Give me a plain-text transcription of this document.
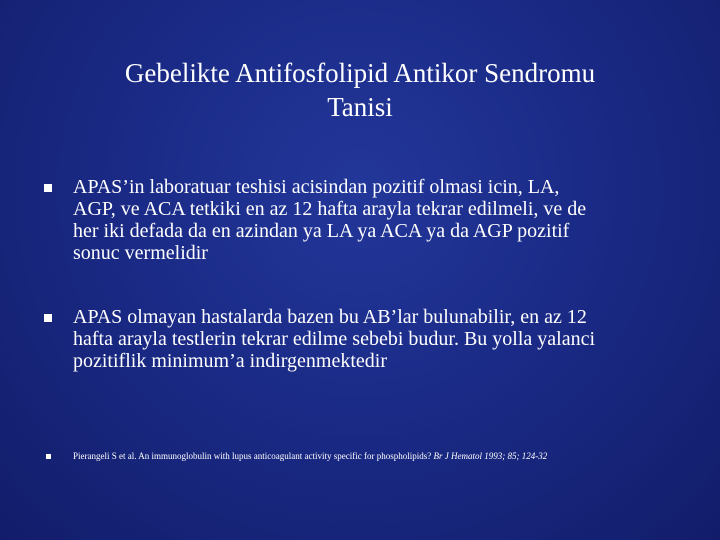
Gebelikte Antifosfolipid Antikor Sendromu
Tanisi
APAS’in laboratuar teshisi acisindan pozitif olmasi icin, LA,
AGP, ve ACA tetkiki en az 12 hafta arayla tekrar edilmeli, ve de
her iki defada da en azindan ya LA ya ACA ya da AGP pozitif
sonuc vermelidir
APAS olmayan hastalarda bazen bu AB’lar bulunabilir, en az 12
hafta arayla testlerin tekrar edilme sebebi budur. Bu yolla yalanci
pozitiflik minimum’a indirgenmektedir
Pierangeli S et al. An immunoglobulin with lupus anticoagulant activity specific for phospholipids? Br J Hematol 1993; 85; 124-32
